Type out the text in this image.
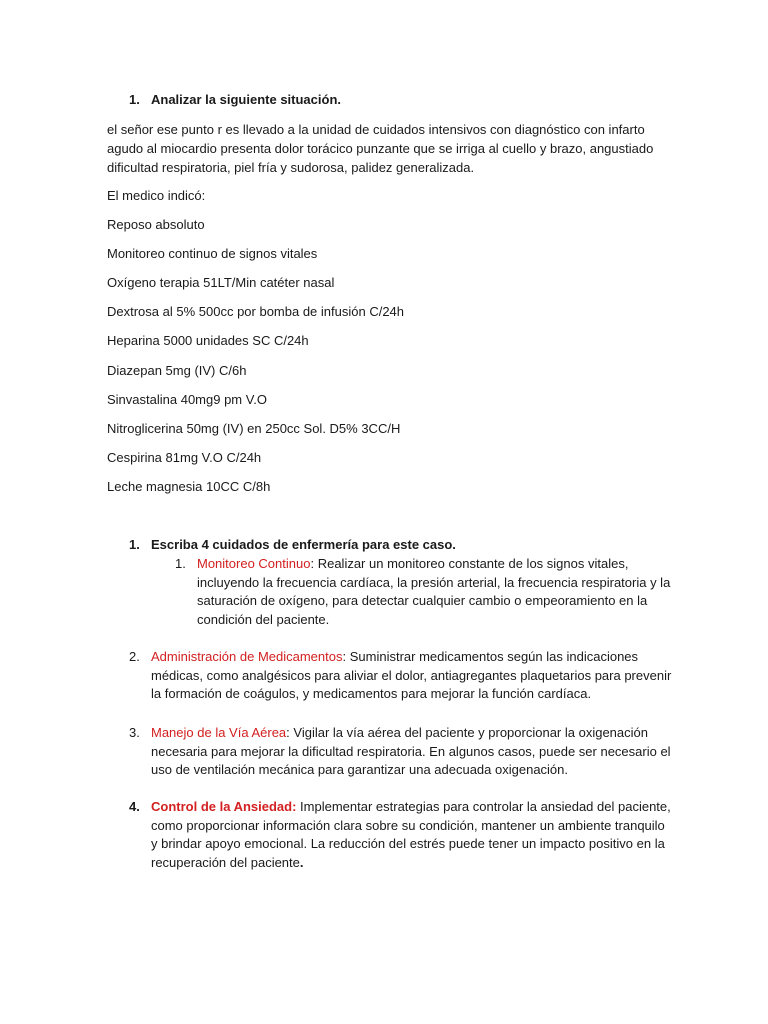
1. Analizar la siguiente situación.
el señor ese punto r es llevado a la unidad de cuidados intensivos con diagnóstico con infarto
agudo al miocardio presenta dolor torácico punzante que se irriga al cuello y brazo, angustiado
dificultad respiratoria, piel fría y sudorosa, palidez generalizada.
El medico indicó:
Reposo absoluto
Monitoreo continuo de signos vitales
Oxígeno terapia 51LT/Min catéter nasal
Dextrosa al 5% 500cc por bomba de infusión C/24h
Heparina 5000 unidades SC C/24h
Diazepan 5mg (IV) C/6h
Sinvastalina 40mg9 pm V.O
Nitroglicerina 50mg (IV) en 250cc Sol. D5% 3CC/H
Cespirina 81mg V.O C/24h
Leche magnesia 10CC C/8h
1. Escriba 4 cuidados de enfermería para este caso.
1. Monitoreo Continuo: Realizar un monitoreo constante de los signos vitales,
incluyendo la frecuencia cardíaca, la presión arterial, la frecuencia respiratoria y la
saturación de oxígeno, para detectar cualquier cambio o empeoramiento en la
condición del paciente.
2. Administración de Medicamentos: Suministrar medicamentos según las indicaciones
médicas, como analgésicos para aliviar el dolor, antiagregantes plaquetarios para prevenir
la formación de coágulos, y medicamentos para mejorar la función cardíaca.
3. Manejo de la Vía Aérea: Vigilar la vía aérea del paciente y proporcionar la oxigenación
necesaria para mejorar la dificultad respiratoria. En algunos casos, puede ser necesario el
uso de ventilación mecánica para garantizar una adecuada oxigenación.
4. Control de la Ansiedad: Implementar estrategias para controlar la ansiedad del paciente,
como proporcionar información clara sobre su condición, mantener un ambiente tranquilo
y brindar apoyo emocional. La reducción del estrés puede tener un impacto positivo en la
recuperación del paciente.
